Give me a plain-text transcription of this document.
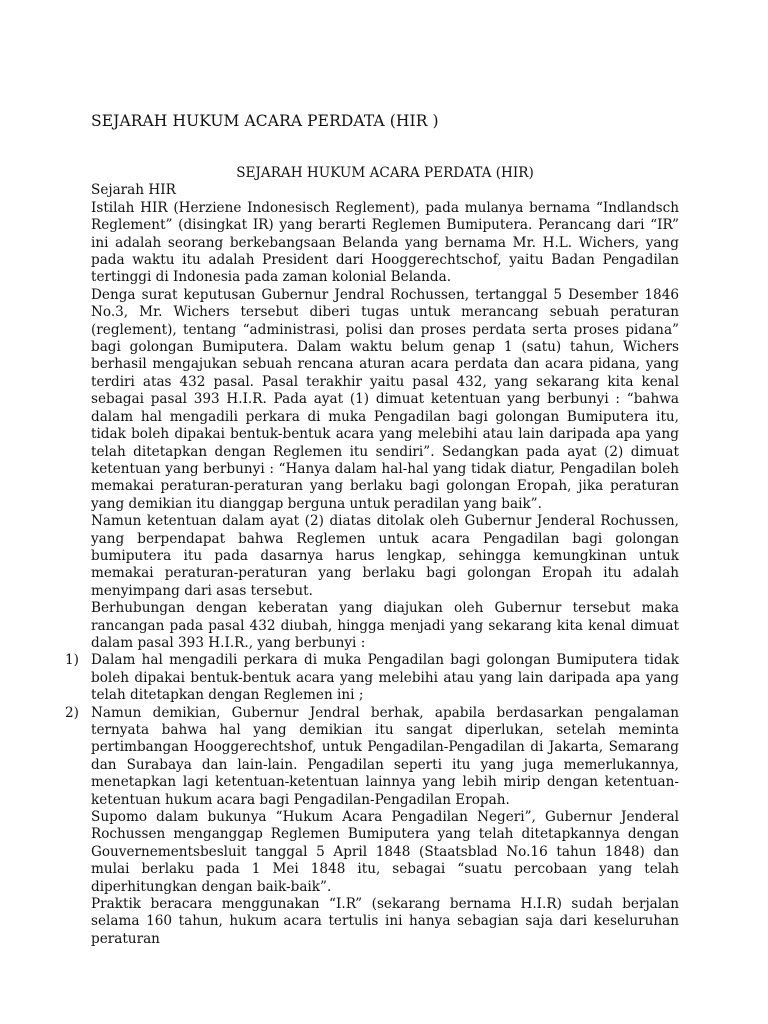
SEJARAH HUKUM ACARA PERDATA (HIR )

SEJARAH HUKUM ACARA PERDATA (HIR)

Sejarah HIR

Istilah HIR (Herziene Indonesisch Reglement), pada mulanya bernama “Indlandsch Reglement” (disingkat IR) yang berarti Reglemen Bumiputera. Perancang dari “IR” ini adalah seorang berkebangsaan Belanda yang bernama Mr. H.L. Wichers, yang pada waktu itu adalah President dari Hooggerechtschof, yaitu Badan Pengadilan tertinggi di Indonesia pada zaman kolonial Belanda.

Denga surat keputusan Gubernur Jendral Rochussen, tertanggal 5 Desember 1846 No.3, Mr. Wichers tersebut diberi tugas untuk merancang sebuah peraturan (reglement), tentang “administrasi, polisi dan proses perdata serta proses pidana” bagi golongan Bumiputera. Dalam waktu belum genap 1 (satu) tahun, Wichers berhasil mengajukan sebuah rencana aturan acara perdata dan acara pidana, yang terdiri atas 432 pasal. Pasal terakhir yaitu pasal 432, yang sekarang kita kenal sebagai pasal 393 H.I.R. Pada ayat (1) dimuat ketentuan yang berbunyi : “bahwa dalam hal mengadili perkara di muka Pengadilan bagi golongan Bumiputera itu, tidak boleh dipakai bentuk-bentuk acara yang melebihi atau lain daripada apa yang telah ditetapkan dengan Reglemen itu sendiri”. Sedangkan pada ayat (2) dimuat ketentuan yang berbunyi : “Hanya dalam hal-hal yang tidak diatur, Pengadilan boleh memakai peraturan-peraturan yang berlaku bagi golongan Eropah, jika peraturan yang demikian itu dianggap berguna untuk peradilan yang baik”.

Namun ketentuan dalam ayat (2) diatas ditolak oleh Gubernur Jenderal Rochussen, yang berpendapat bahwa Reglemen untuk acara Pengadilan bagi golongan bumiputera itu pada dasarnya harus lengkap, sehingga kemungkinan untuk memakai peraturan-peraturan yang berlaku bagi golongan Eropah itu adalah menyimpang dari asas tersebut.

Berhubungan dengan keberatan yang diajukan oleh Gubernur tersebut maka rancangan pada pasal 432 diubah, hingga menjadi yang sekarang kita kenal dimuat dalam pasal 393 H.I.R., yang berbunyi :

1) Dalam hal mengadili perkara di muka Pengadilan bagi golongan Bumiputera tidak boleh dipakai bentuk-bentuk acara yang melebihi atau yang lain daripada apa yang telah ditetapkan dengan Reglemen ini ;
2) Namun demikian, Gubernur Jendral berhak, apabila berdasarkan pengalaman ternyata bahwa hal yang demikian itu sangat diperlukan, setelah meminta pertimbangan Hooggerechtshof, untuk Pengadilan-Pengadilan di Jakarta, Semarang dan Surabaya dan lain-lain. Pengadilan seperti itu yang juga memerlukannya, menetapkan lagi ketentuan-ketentuan lainnya yang lebih mirip dengan ketentuan-ketentuan hukum acara bagi Pengadilan-Pengadilan Eropah.

Supomo dalam bukunya “Hukum Acara Pengadilan Negeri”, Gubernur Jenderal Rochussen menganggap Reglemen Bumiputera yang telah ditetapkannya dengan Gouvernementsbesluit tanggal 5 April 1848 (Staatsblad No.16 tahun 1848) dan mulai berlaku pada 1 Mei 1848 itu, sebagai “suatu percobaan yang telah diperhitungkan dengan baik-baik”.

Praktik beracara menggunakan “I.R” (sekarang bernama H.I.R) sudah berjalan selama 160 tahun, hukum acara tertulis ini hanya sebagian saja dari keseluruhan peraturan
